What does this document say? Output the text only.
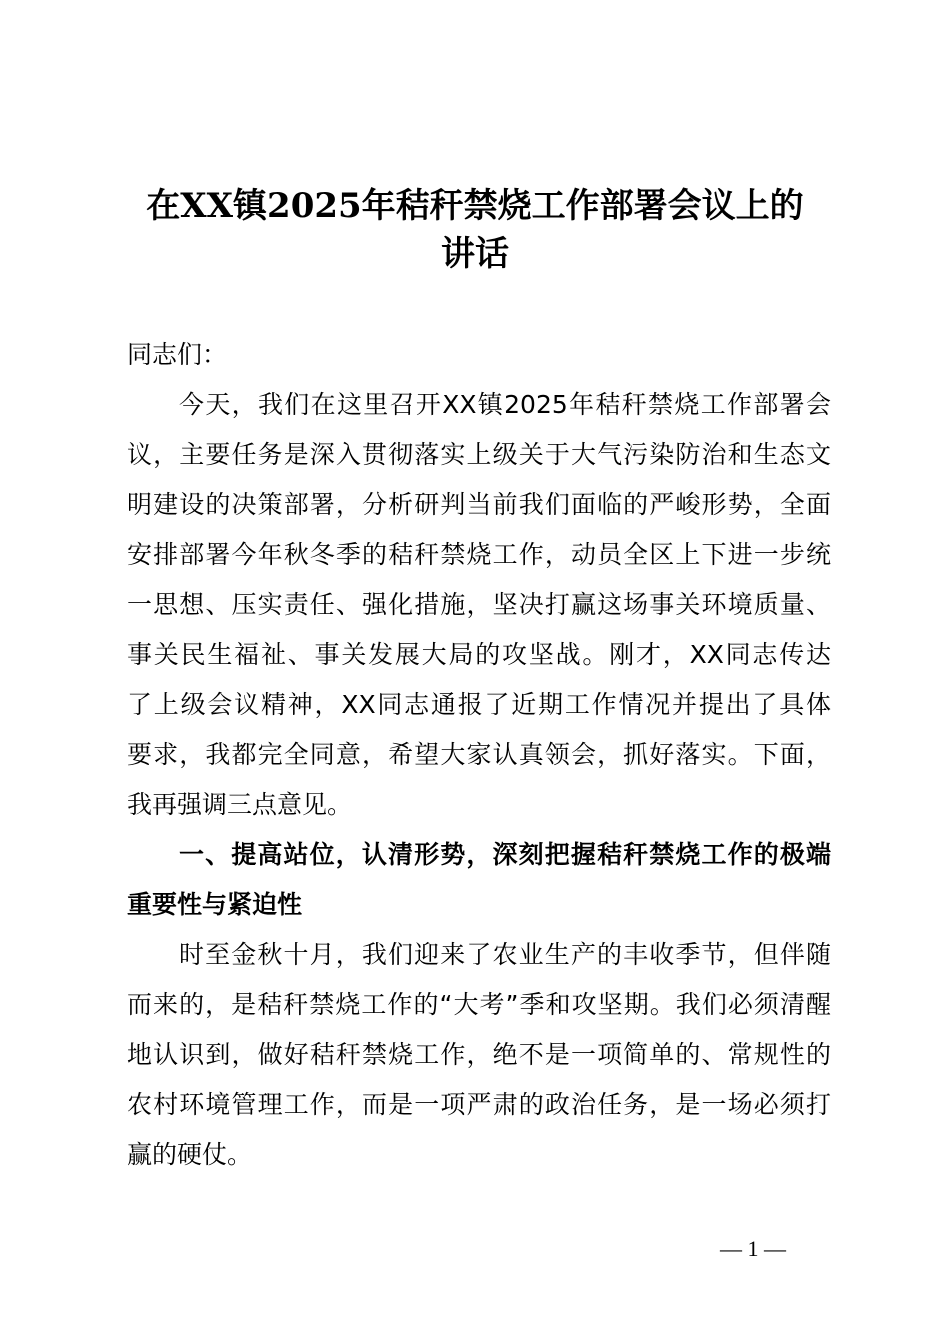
在XX镇2025年秸秆禁烧工作部署会议上的
讲话
同志们：
今天，我们在这里召开XX镇2025年秸秆禁烧工作部署会
议，主要任务是深入贯彻落实上级关于大气污染防治和生态文
明建设的决策部署，分析研判当前我们面临的严峻形势，全面
安排部署今年秋冬季的秸秆禁烧工作，动员全区上下进一步统
一思想、压实责任、强化措施，坚决打赢这场事关环境质量、
事关民生福祉、事关发展大局的攻坚战。刚才，XX同志传达
了上级会议精神，XX同志通报了近期工作情况并提出了具体
要求，我都完全同意，希望大家认真领会，抓好落实。下面，
我再强调三点意见。
一、提高站位，认清形势，深刻把握秸秆禁烧工作的极端
重要性与紧迫性
时至金秋十月，我们迎来了农业生产的丰收季节，但伴随
而来的，是秸秆禁烧工作的“大考”季和攻坚期。我们必须清醒
地认识到，做好秸秆禁烧工作，绝不是一项简单的、常规性的
农村环境管理工作，而是一项严肃的政治任务，是一场必须打
赢的硬仗。
— 1 —
